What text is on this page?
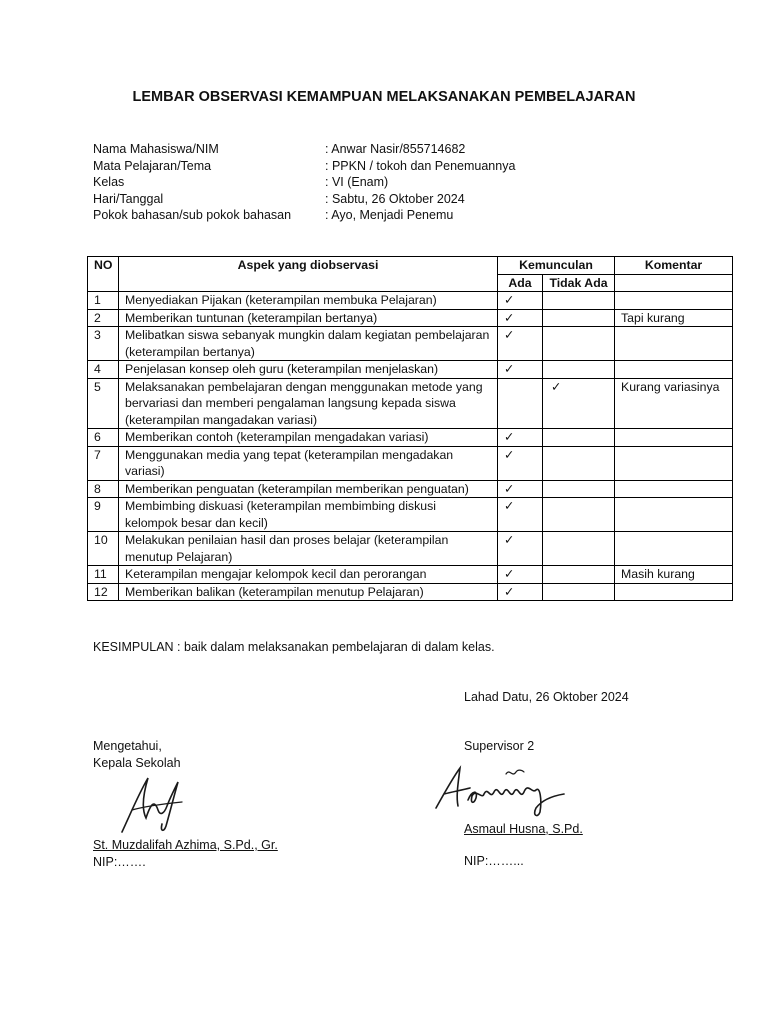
LEMBAR OBSERVASI KEMAMPUAN MELAKSANAKAN PEMBELAJARAN
Nama Mahasiswa/NIM	: Anwar Nasir/855714682
Mata Pelajaran/Tema	: PPKN / tokoh dan Penemuannya
Kelas	: VI (Enam)
Hari/Tanggal	: Sabtu, 26 Oktober 2024
Pokok bahasan/sub pokok bahasan	: Ayo, Menjadi Penemu
NO	Aspek yang diobservasi	Kemunculan		Komentar
		Ada	Tidak Ada	
1	Menyediakan Pijakan (keterampilan membuka Pelajaran)	✓		
2	Memberikan tuntunan (keterampilan bertanya)	✓		Tapi kurang
3	Melibatkan siswa sebanyak mungkin dalam kegiatan pembelajaran (keterampilan bertanya)	✓		
4	Penjelasan konsep oleh guru (keterampilan menjelaskan)	✓		
5	Melaksanakan pembelajaran dengan menggunakan metode yang bervariasi dan memberi pengalaman langsung kepada siswa (keterampilan mangadakan variasi)		✓	Kurang variasinya
6	Memberikan contoh (keterampilan mengadakan variasi)	✓		
7	Menggunakan media yang tepat (keterampilan mengadakan variasi)	✓		
8	Memberikan penguatan (keterampilan memberikan penguatan)	✓		
9	Membimbing diskuasi (keterampilan membimbing diskusi kelompok besar dan kecil)	✓		
10	Melakukan penilaian hasil dan proses belajar (keterampilan menutup Pelajaran)	✓		
11	Keterampilan mengajar kelompok kecil dan perorangan	✓		Masih kurang
12	Memberikan balikan (keterampilan menutup Pelajaran)	✓		
KESIMPULAN : baik dalam melaksanakan pembelajaran di dalam kelas.
Lahad Datu, 26 Oktober 2024
Mengetahui,
Kepala Sekolah
St. Muzdalifah Azhima, S.Pd., Gr.
NIP:…….
Supervisor 2
Asmaul Husna, S.Pd.
NIP:……...
